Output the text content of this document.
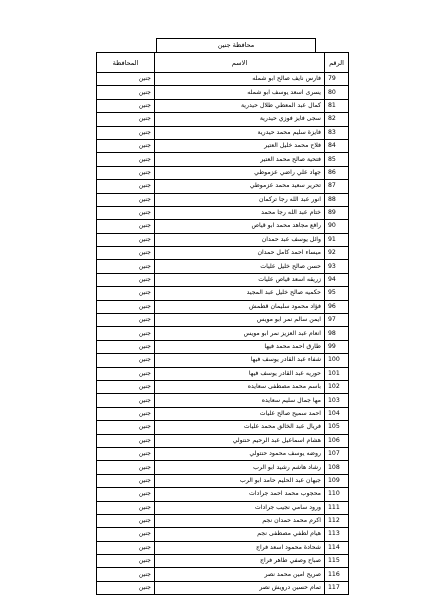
محافظة جنين
الرقم	الاسم	المحافظة
79	فارس نايف صالح ابو شمله	جنين
80	يسرى اسعد يوسف ابو شمله	جنين
81	كمال عبد المعطي طلال حيدرية	جنين
82	سجى فايز فوزي حيدرية	جنين
83	فايزة سليم محمد حيدرية	جنين
84	فلاح محمد خليل العتير	جنين
85	فتحية صالح محمد العتير	جنين
86	جهاد علي راضي عزموطي	جنين
87	تحرير سعيد محمد عزموطي	جنين
88	انور عبد الله رجا تركمان	جنين
89	ختام عبد الله رجا محمد	جنين
90	رافع مجاهد محمد ابو قياص	جنين
91	وائل يوسف عبد حمدان	جنين
92	ميساء احمد كامل حمدان	جنين
93	حسن صالح خليل عليات	جنين
94	زريقه اسعد قياص عليات	جنين
95	حكميه صالح خليل عبد المجيد	جنين
96	فؤاد محمود سليمان قطمش	جنين
97	ايمن سالم نمر ابو مويس	جنين
98	انعام عبد العزيز نمر ابو مويس	جنين
99	طارق احمد محمد فيها	جنين
100	شفاء عبد القادر يوسف فيها	جنين
101	حوريه عبد القادر يوسف فيها	جنين
102	باسم محمد مصطفى سعايده	جنين
103	مها جمال سليم سعايده	جنين
104	احمد سميح صالح عليات	جنين
105	فريال عبد الخالق محمد عليات	جنين
106	هشام اسماعيل عبد الرحيم حنتولي	جنين
107	روضه يوسف محمود حنتولي	جنين
108	رشاد هاشم رشيد ابو الرب	جنين
109	جيهان عبد الحليم حامد ابو الرب	جنين
110	محجوب محمد احمد جرادات	جنين
111	ورود سامي نجيب جرادات	جنين
112	اكرم محمد حمدان نجم	جنين
113	هيام لطفي مصطفى نجم	جنين
114	شحادة محمود اسعد فراج	جنين
115	صباح وصفي طاهر فراج	جنين
116	صريح امين محمد نصر	جنين
117	تمام حسين درويش نصر	جنين
